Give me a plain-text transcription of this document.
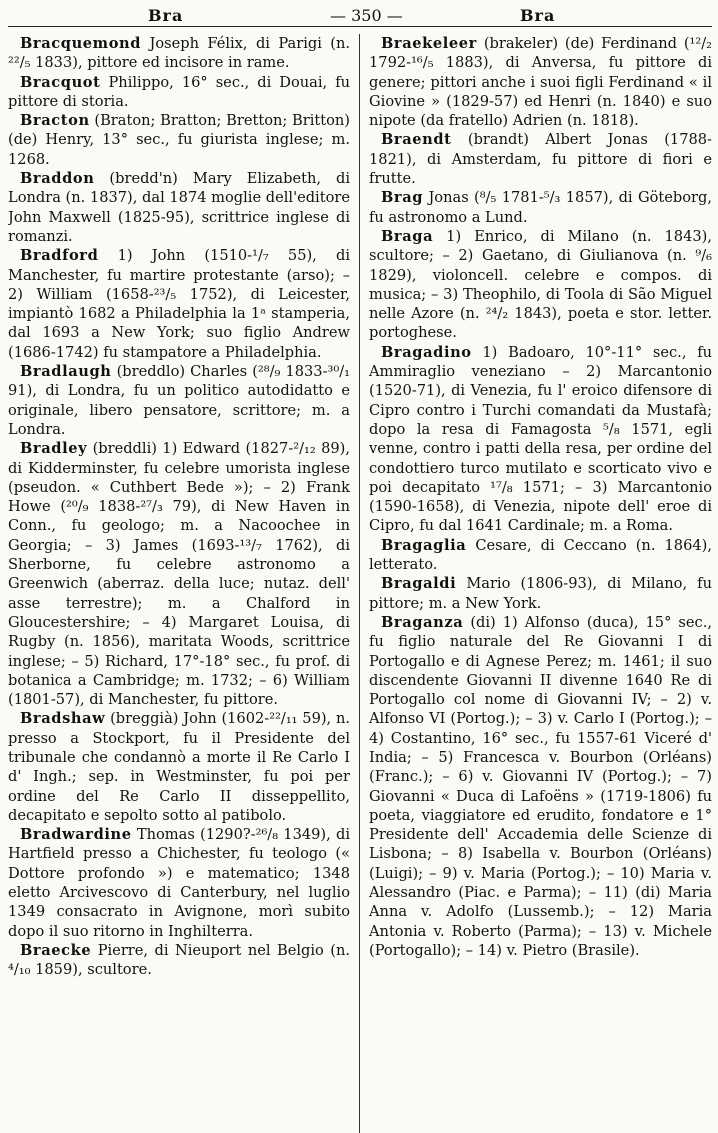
Bra	— 350 —	Bra

Bracquemond Joseph Félix, di Parigi (n. ²²/₅ 1833), pittore ed incisore in rame.

Bracquot Philippo, 16° sec., di Douai, fu pittore di storia.

Bracton (Braton; Bratton; Bretton; Britton) (de) Henry, 13° sec., fu giurista inglese; m. 1268.

Braddon (bredd'n) Mary Elizabeth, di Londra (n. 1837), dal 1874 moglie dell'editore John Maxwell (1825-95), scrittrice inglese di romanzi.

Bradford 1) John (1510-¹/₇ 55), di Manchester, fu martire protestante (arso); – 2) William (1658-²³/₅ 1752), di Leicester, impiantò 1682 a Philadelphia la 1ᵃ stamperia, dal 1693 a New York; suo figlio Andrew (1686-1742) fu stampatore a Philadelphia.

Bradlaugh (breddlo) Charles (²⁸/₉ 1833-³⁰/₁ 91), di Londra, fu un politico autodidatto e originale, libero pensatore, scrittore; m. a Londra.

Bradley (breddli) 1) Edward (1827-²/₁₂ 89), di Kidderminster, fu celebre umorista inglese (pseudon. « Cuthbert Bede »); – 2) Frank Howe (²⁰/₉ 1838-²⁷/₃ 79), di New Haven in Conn., fu geologo; m. a Nacoochee in Georgia; – 3) James (1693-¹³/₇ 1762), di Sherborne, fu celebre astronomo a Greenwich (aberraz. della luce; nutaz. dell' asse terrestre); m. a Chalford in Gloucestershire; – 4) Margaret Louisa, di Rugby (n. 1856), maritata Woods, scrittrice inglese; – 5) Richard, 17°-18° sec., fu prof. di botanica a Cambridge; m. 1732; – 6) William (1801-57), di Manchester, fu pittore.

Bradshaw (breggià) John (1602-²²/₁₁ 59), n. presso a Stockport, fu il Presidente del tribunale che condannò a morte il Re Carlo I d' Ingh.; sep. in Westminster, fu poi per ordine del Re Carlo II disseppellito, decapitato e sepolto sotto al patibolo.

Bradwardine Thomas (1290?-²⁶/₈ 1349), di Hartfield presso a Chichester, fu teologo (« Dottore profondo ») e matematico; 1348 eletto Arcivescovo di Canterbury, nel luglio 1349 consacrato in Avignone, morì subito dopo il suo ritorno in Inghilterra.

Braecke Pierre, di Nieuport nel Belgio (n. ⁴/₁₀ 1859), scultore.

Braekeleer (brakeler) (de) Ferdinand (¹²/₂ 1792-¹⁶/₅ 1883), di Anversa, fu pittore di genere; pittori anche i suoi figli Ferdinand « il Giovine » (1829-57) ed Henri (n. 1840) e suo nipote (da fratello) Adrien (n. 1818).

Braendt (brandt) Albert Jonas (1788-1821), di Amsterdam, fu pittore di fiori e frutte.

Brag Jonas (⁸/₅ 1781-⁵/₃ 1857), di Göteborg, fu astronomo a Lund.

Braga 1) Enrico, di Milano (n. 1843), scultore; – 2) Gaetano, di Giulianova (n. ⁹/₆ 1829), violoncell. celebre e compos. di musica; – 3) Theophilo, di Toola di São Miguel nelle Azore (n. ²⁴/₂ 1843), poeta e stor. letter. portoghese.

Bragadino 1) Badoaro, 10°-11° sec., fu Ammiraglio veneziano – 2) Marcantonio (1520-71), di Venezia, fu l' eroico difensore di Cipro contro i Turchi comandati da Mustafà; dopo la resa di Famagosta ⁵/₈ 1571, egli venne, contro i patti della resa, per ordine del condottiero turco mutilato e scorticato vivo e poi decapitato ¹⁷/₈ 1571; – 3) Marcantonio (1590-1658), di Venezia, nipote dell' eroe di Cipro, fu dal 1641 Cardinale; m. a Roma.

Bragaglia Cesare, di Ceccano (n. 1864), letterato.

Bragaldi Mario (1806-93), di Milano, fu pittore; m. a New York.

Braganza (di) 1) Alfonso (duca), 15° sec., fu figlio naturale del Re Giovanni I di Portogallo e di Agnese Perez; m. 1461; il suo discendente Giovanni II divenne 1640 Re di Portogallo col nome di Giovanni IV; – 2) v. Alfonso VI (Portog.); – 3) v. Carlo I (Portog.); – 4) Costantino, 16° sec., fu 1557-61 Viceré d' India; – 5) Francesca v. Bourbon (Orléans) (Franc.); – 6) v. Giovanni IV (Portog.); – 7) Giovanni « Duca di Lafoëns » (1719-1806) fu poeta, viaggiatore ed erudito, fondatore e 1° Presidente dell' Accademia delle Scienze di Lisbona; – 8) Isabella v. Bourbon (Orléans) (Luigi); – 9) v. Maria (Portog.); – 10) Maria v. Alessandro (Piac. e Parma); – 11) (di) Maria Anna v. Adolfo (Lussemb.); – 12) Maria Antonia v. Roberto (Parma); – 13) v. Michele (Portogallo); – 14) v. Pietro (Brasile).
